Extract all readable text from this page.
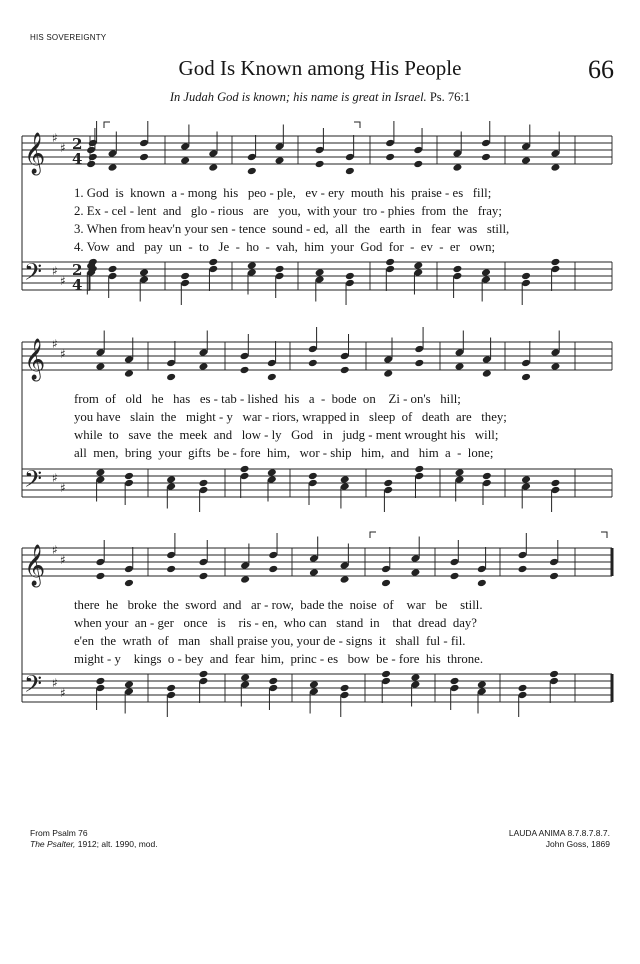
HIS SOVEREIGNTY
God Is Known among His People	66
In Judah God is known; his name is great in Israel. Ps. 76:1
𝄞 ♯
♯ 2
4
𝄢 ♯
♯
2
4
𝄞 ♯
♯
𝄢 ♯
♯
𝄞 ♯
♯
𝄢 ♯
♯
1. God  is  known  a - mong  his   peo - ple,   ev - ery  mouth  his  praise - es   fill;
2. Ex - cel - lent  and   glo - rious   are   you,  with your  tro - phies  from  the   fray;
3. When from heav'n your sen - tence  sound - ed,  all  the   earth  in   fear  was   still,
4. Vow  and   pay  un  -  to   Je  -  ho  -  vah,  him  your  God  for  -  ev  -  er   own;
from  of   old   he   has   es - tab - lished  his   a  -  bode  on    Zi - on's   hill;
you have   slain  the   might - y   war - riors, wrapped in   sleep  of   death  are   they;
while  to   save  the  meek  and   low - ly   God   in   judg - ment wrought his   will;
all  men,  bring  your  gifts  be - fore  him,   wor - ship   him,  and   him  a  -  lone;
there  he   broke  the  sword  and   ar - row,  bade the  noise  of    war   be    still.
when your  an - ger   once   is    ris - en,  who can   stand  in    that  dread  day?
e'en  the  wrath  of   man   shall praise you, your de - signs  it   shall  ful - fil.
might - y    kings  o - bey  and  fear  him,  princ - es   bow  be - fore  his  throne.
From Psalm 76
The Psalter, 1912; alt. 1990, mod.
LAUDA ANIMA 8.7.8.7.8.7.
John Goss, 1869
